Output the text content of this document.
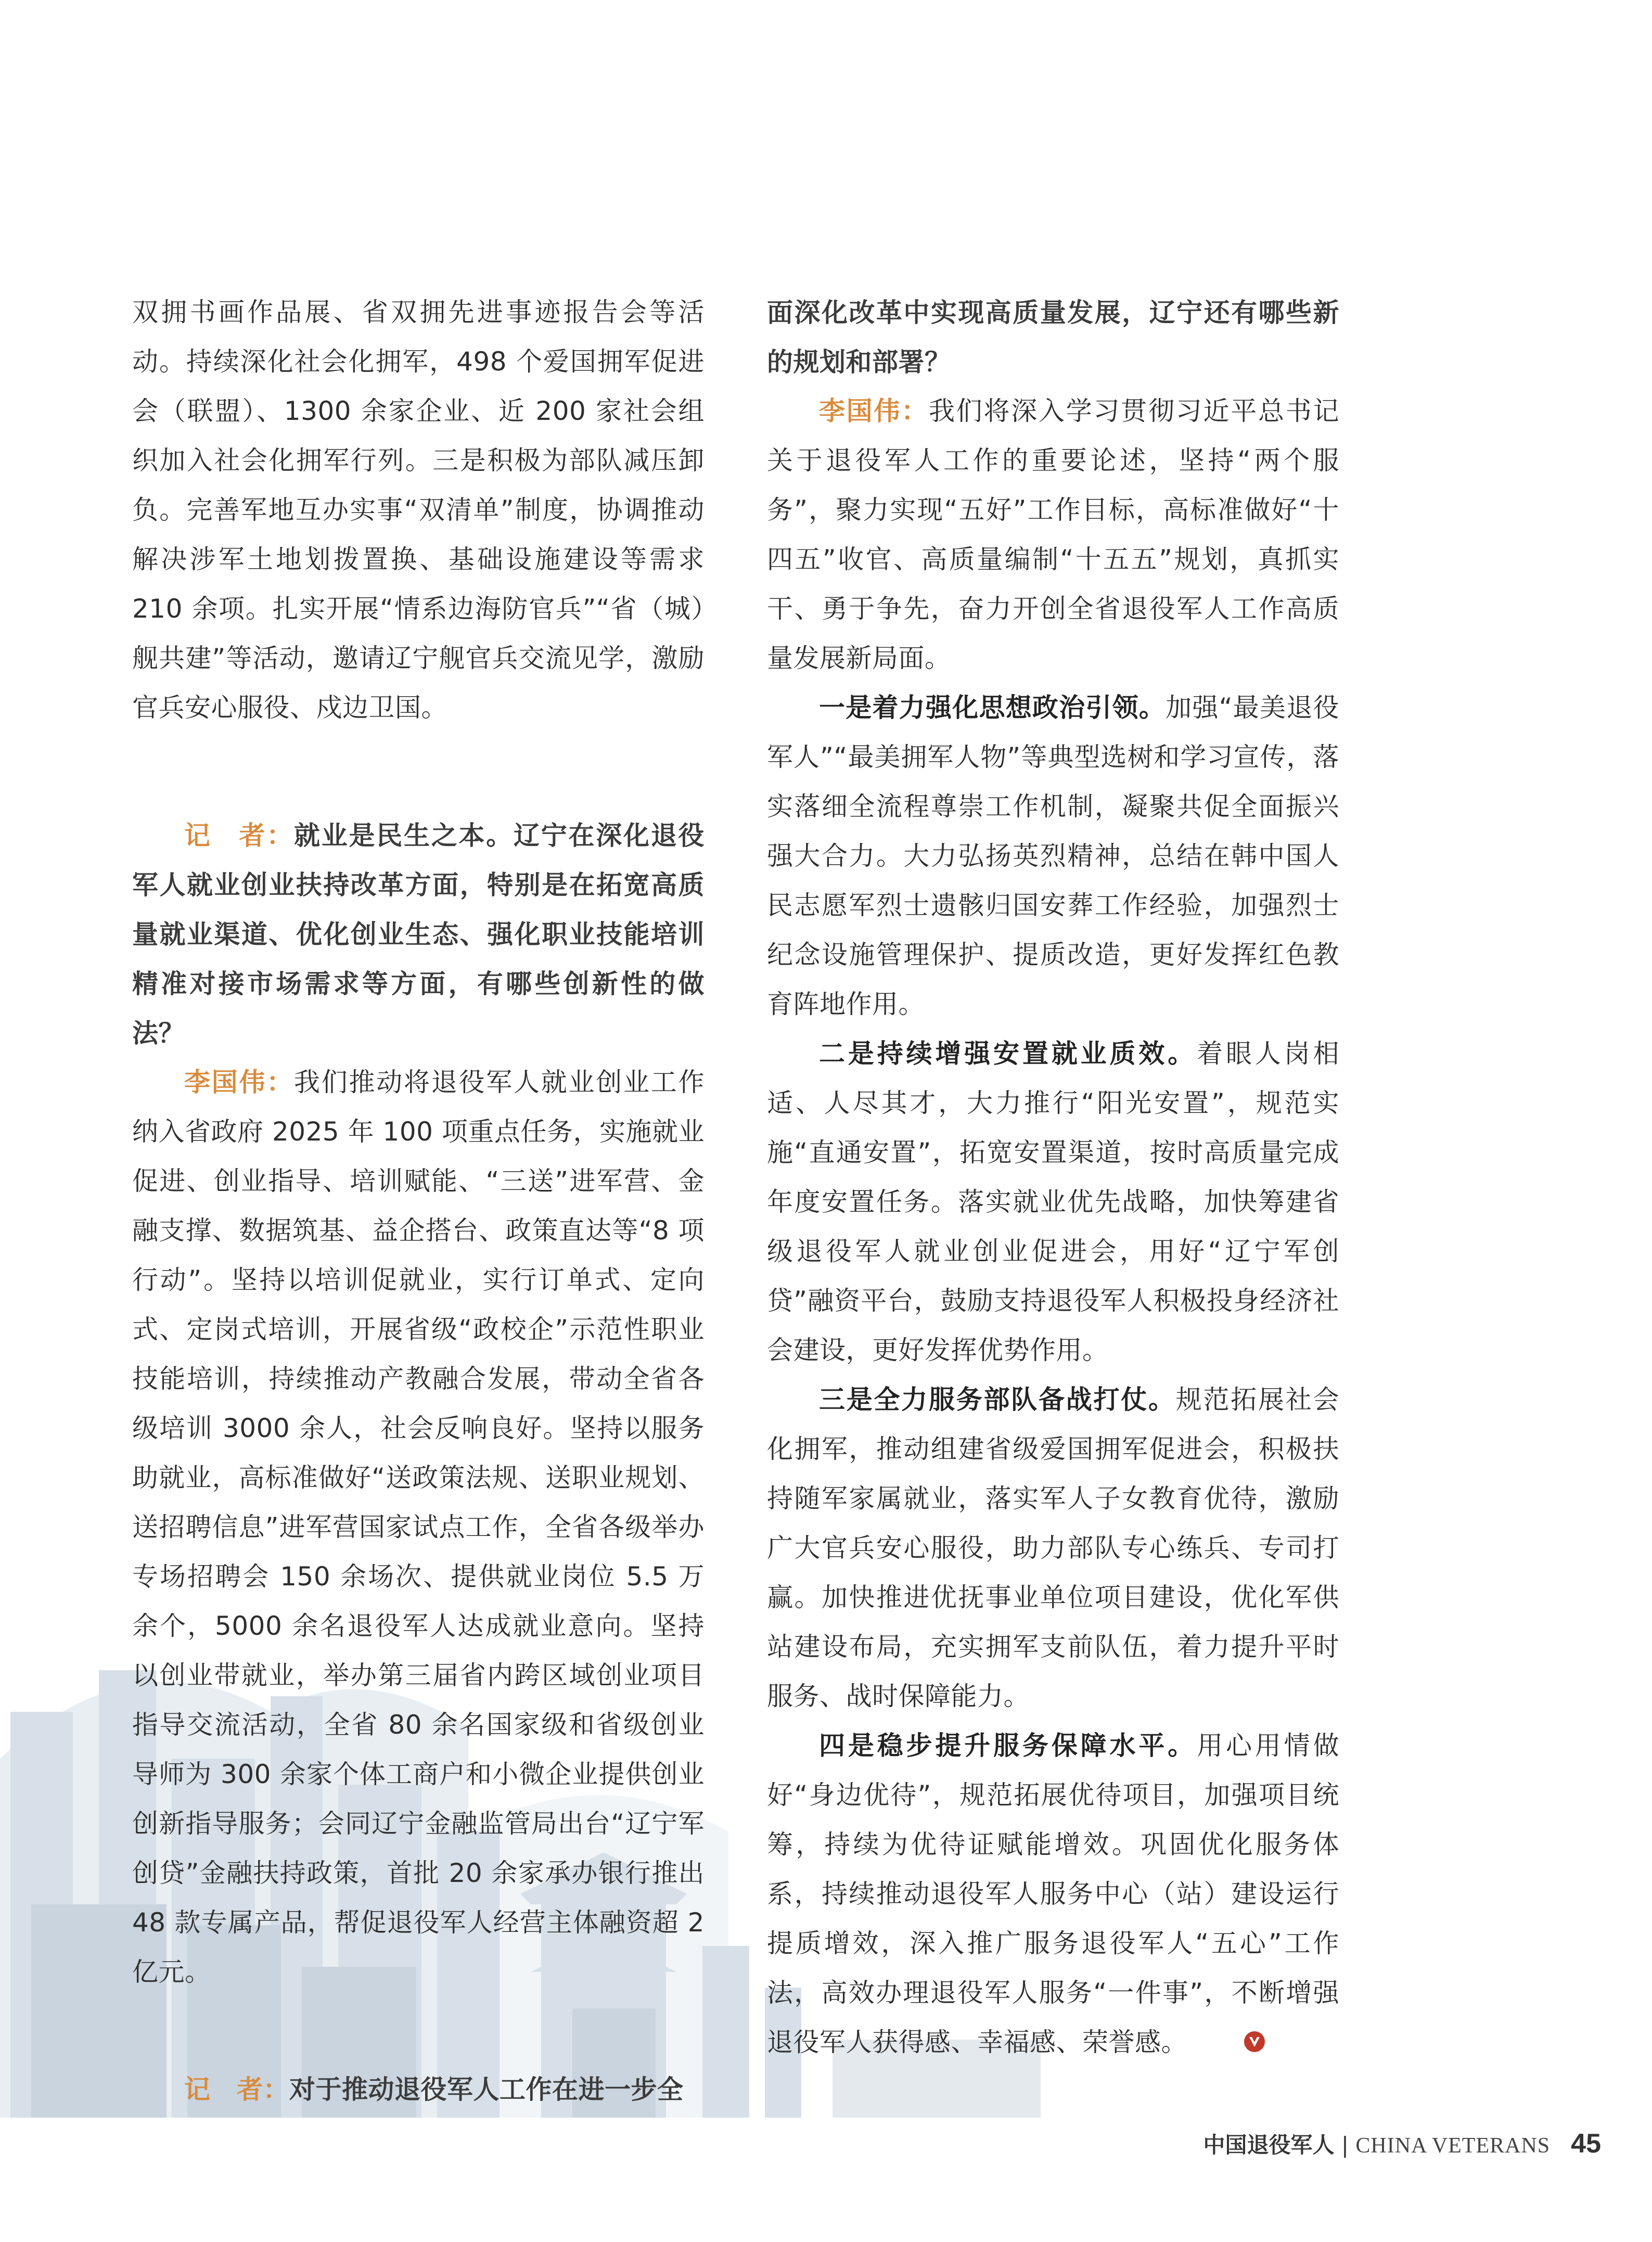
双拥书画作品展、省双拥先进事迹报告会等活动。持续深化社会化拥军，498 个爱国拥军促进会（联盟）、1300 余家企业、近 200 家社会组织加入社会化拥军行列。三是积极为部队减压卸负。完善军地互办实事“双清单”制度，协调推动解决涉军土地划拨置换、基础设施建设等需求 210 余项。扎实开展“情系边海防官兵”“省（城）舰共建”等活动，邀请辽宁舰官兵交流见学，激励官兵安心服役、戍边卫国。

记　者：就业是民生之本。辽宁在深化退役军人就业创业扶持改革方面，特别是在拓宽高质量就业渠道、优化创业生态、强化职业技能培训精准对接市场需求等方面，有哪些创新性的做法？

李国伟：我们推动将退役军人就业创业工作纳入省政府 2025 年 100 项重点任务，实施就业促进、创业指导、培训赋能、“三送”进军营、金融支撑、数据筑基、益企搭台、政策直达等“8 项行动”。坚持以培训促就业，实行订单式、定向式、定岗式培训，开展省级“政校企”示范性职业技能培训，持续推动产教融合发展，带动全省各级培训 3000 余人，社会反响良好。坚持以服务助就业，高标准做好“送政策法规、送职业规划、送招聘信息”进军营国家试点工作，全省各级举办专场招聘会 150 余场次、提供就业岗位 5.5 万余个，5000 余名退役军人达成就业意向。坚持以创业带就业，举办第三届省内跨区域创业项目指导交流活动，全省 80 余名国家级和省级创业导师为 300 余家个体工商户和小微企业提供创业创新指导服务；会同辽宁金融监管局出台“辽宁军创贷”金融扶持政策，首批 20 余家承办银行推出 48 款专属产品，帮促退役军人经营主体融资超 2 亿元。

记　者：对于推动退役军人工作在进一步全

面深化改革中实现高质量发展，辽宁还有哪些新的规划和部署？

李国伟：我们将深入学习贯彻习近平总书记关于退役军人工作的重要论述，坚持“两个服务”，聚力实现“五好”工作目标，高标准做好“十四五”收官、高质量编制“十五五”规划，真抓实干、勇于争先，奋力开创全省退役军人工作高质量发展新局面。

一是着力强化思想政治引领。加强“最美退役军人”“最美拥军人物”等典型选树和学习宣传，落实落细全流程尊崇工作机制，凝聚共促全面振兴强大合力。大力弘扬英烈精神，总结在韩中国人民志愿军烈士遗骸归国安葬工作经验，加强烈士纪念设施管理保护、提质改造，更好发挥红色教育阵地作用。

二是持续增强安置就业质效。着眼人岗相适、人尽其才，大力推行“阳光安置”，规范实施“直通安置”，拓宽安置渠道，按时高质量完成年度安置任务。落实就业优先战略，加快筹建省级退役军人就业创业促进会，用好“辽宁军创贷”融资平台，鼓励支持退役军人积极投身经济社会建设，更好发挥优势作用。

三是全力服务部队备战打仗。规范拓展社会化拥军，推动组建省级爱国拥军促进会，积极扶持随军家属就业，落实军人子女教育优待，激励广大官兵安心服役，助力部队专心练兵、专司打赢。加快推进优抚事业单位项目建设，优化军供站建设布局，充实拥军支前队伍，着力提升平时服务、战时保障能力。

四是稳步提升服务保障水平。用心用情做好“身边优待”，规范拓展优待项目，加强项目统筹，持续为优待证赋能增效。巩固优化服务体系，持续推动退役军人服务中心（站）建设运行提质增效，深入推广服务退役军人“五心”工作法，高效办理退役军人服务“一件事”，不断增强退役军人获得感、幸福感、荣誉感。

中国退役军人 | CHINA VETERANS 45
